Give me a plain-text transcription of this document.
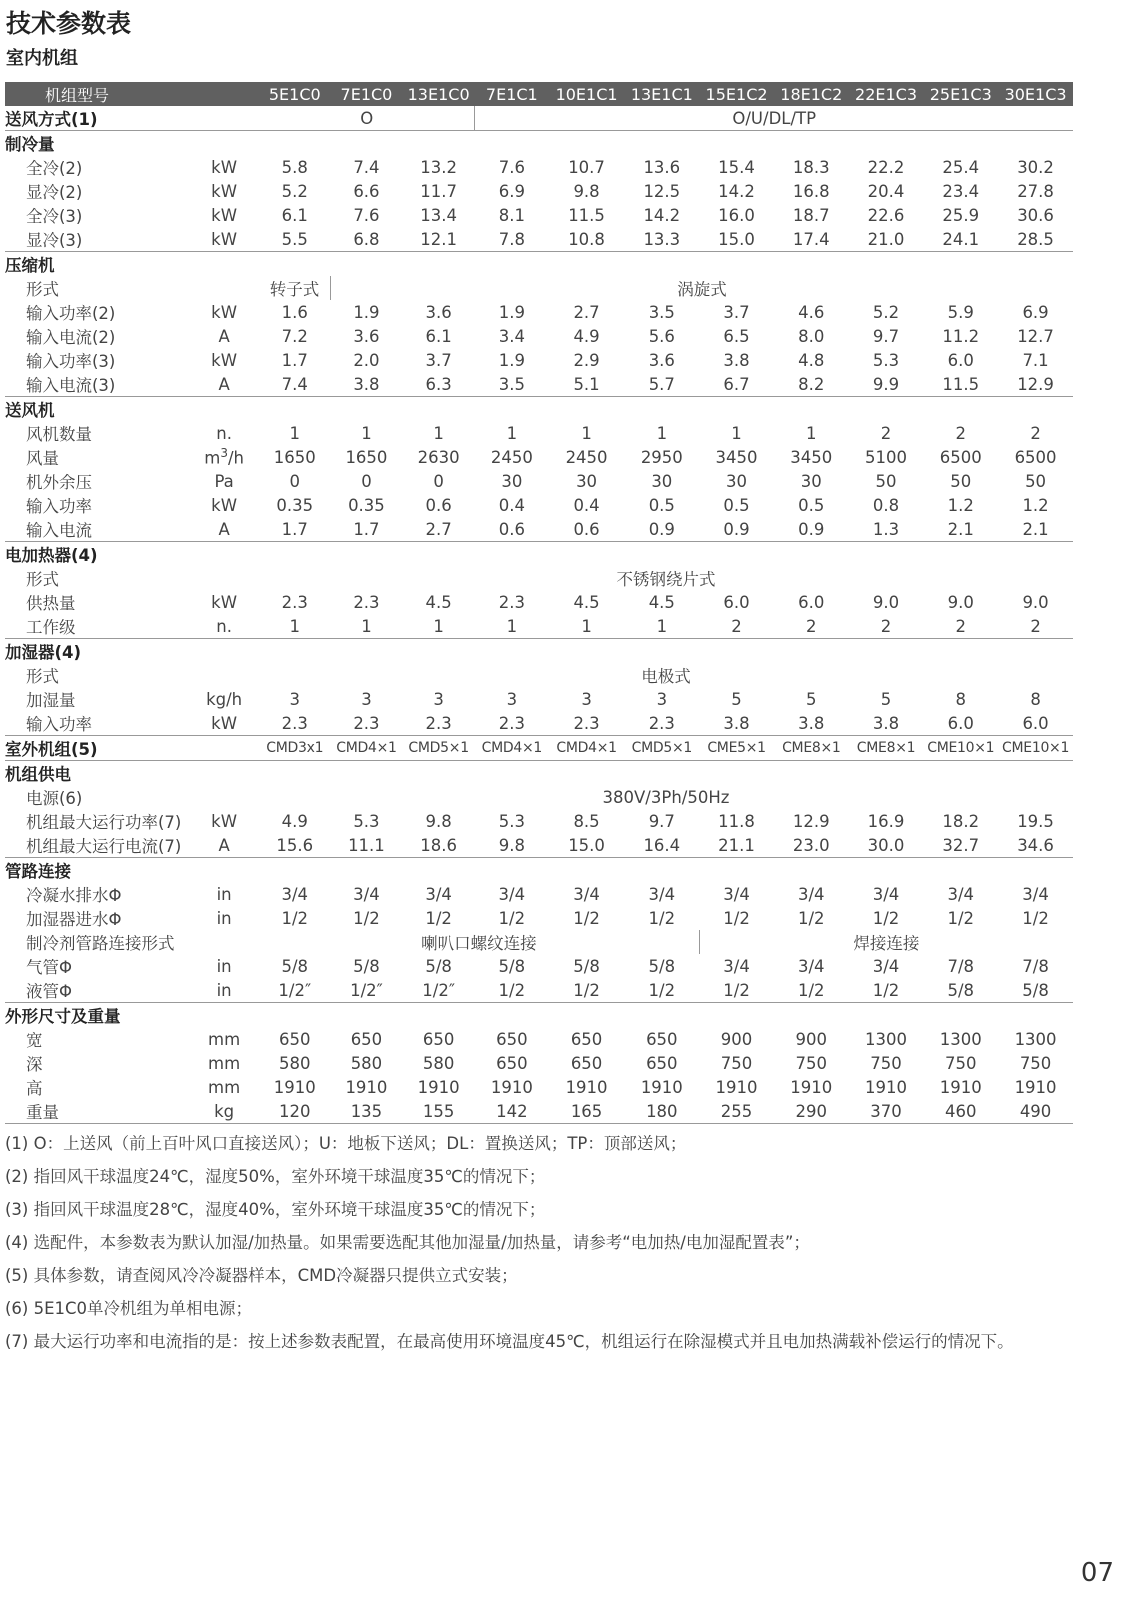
技术参数表
室内机组
机组型号		5E1C0	7E1C0	13E1C0	7E1C1	10E1C1	13E1C1	15E1C2	18E1C2	22E1C3	25E1C3	30E1C3
送风方式(1)		O			O/U/DL/TP							
制冷量												
全冷(2)	kW	5.8	7.4	13.2	7.6	10.7	13.6	15.4	18.3	22.2	25.4	30.2
显冷(2)	kW	5.2	6.6	11.7	6.9	9.8	12.5	14.2	16.8	20.4	23.4	27.8
全冷(3)	kW	6.1	7.6	13.4	8.1	11.5	14.2	16.0	18.7	22.6	25.9	30.6
显冷(3)	kW	5.5	6.8	12.1	7.8	10.8	13.3	15.0	17.4	21.0	24.1	28.5
压缩机												
形式		转子式	涡旋式									
输入功率(2)	kW	1.6	1.9	3.6	1.9	2.7	3.5	3.7	4.6	5.2	5.9	6.9
输入电流(2)	A	7.2	3.6	6.1	3.4	4.9	5.6	6.5	8.0	9.7	11.2	12.7
输入功率(3)	kW	1.7	2.0	3.7	1.9	2.9	3.6	3.8	4.8	5.3	6.0	7.1
输入电流(3)	A	7.4	3.8	6.3	3.5	5.1	5.7	6.7	8.2	9.9	11.5	12.9
送风机												
风机数量	n.	1	1	1	1	1	1	1	1	2	2	2
风量	$m^3/h$	1650	1650	2630	2450	2450	2950	3450	3450	5100	6500	6500
机外余压	Pa	0	0	0	30	30	30	30	30	50	50	50
输入功率	kW	0.35	0.35	0.6	0.4	0.4	0.5	0.5	0.5	0.8	1.2	1.2
输入电流	A	1.7	1.7	2.7	0.6	0.6	0.9	0.9	0.9	1.3	2.1	2.1
电加热器(4)												
形式		不锈钢绕片式										
供热量	kW	2.3	2.3	4.5	2.3	4.5	4.5	6.0	6.0	9.0	9.0	9.0
工作级	n.	1	1	1	1	1	1	2	2	2	2	2
加湿器(4)												
形式		电极式										
加湿量	kg/h	3	3	3	3	3	3	5	5	5	8	8
输入功率	kW	2.3	2.3	2.3	2.3	2.3	2.3	3.8	3.8	3.8	6.0	6.0
室外机组(5)		CMD3x1	CMD4×1	CMD5×1	CMD4×1	CMD4×1	CMD5×1	CME5×1	CME8×1	CME8×1	CME10×1	CME10×1
机组供电												
电源(6)		380V/3Ph/50Hz										
机组最大运行功率(7)	kW	4.9	5.3	9.8	5.3	8.5	9.7	11.8	12.9	16.9	18.2	19.5
机组最大运行电流(7)	A	15.6	11.1	18.6	9.8	15.0	16.4	21.1	23.0	30.0	32.7	34.6
管路连接												
冷凝水排水Φ	in	3/4	3/4	3/4	3/4	3/4	3/4	3/4	3/4	3/4	3/4	3/4
加湿器进水Φ	in	1/2	1/2	1/2	1/2	1/2	1/2	1/2	1/2	1/2	1/2	1/2
制冷剂管路连接形式		喇叭口螺纹连接						焊接连接				
气管Φ	in	5/8	5/8	5/8	5/8	5/8	5/8	3/4	3/4	3/4	7/8	7/8
液管Φ	in	1/2″	1/2″	1/2″	1/2	1/2	1/2	1/2	1/2	1/2	5/8	5/8
外形尺寸及重量												
宽	mm	650	650	650	650	650	650	900	900	1300	1300	1300
深	mm	580	580	580	650	650	650	750	750	750	750	750
高	mm	1910	1910	1910	1910	1910	1910	1910	1910	1910	1910	1910
重量	kg	120	135	155	142	165	180	255	290	370	460	490
(1) O：上送风（前上百叶风口直接送风）；U：地板下送风；DL：置换送风；TP：顶部送风；
(2) 指回风干球温度24℃，湿度50%，室外环境干球温度35℃的情况下；
(3) 指回风干球温度28℃，湿度40%，室外环境干球温度35℃的情况下；
(4) 选配件，本参数表为默认加湿/加热量。如果需要选配其他加湿量/加热量，请参考“电加热/电加湿配置表”；
(5) 具体参数，请查阅风冷冷凝器样本，CMD冷凝器只提供立式安装；
(6) 5E1C0单冷机组为单相电源；
(7) 最大运行功率和电流指的是：按上述参数表配置，在最高使用环境温度45℃，机组运行在除湿模式并且电加热满载补偿运行的情况下。

07
